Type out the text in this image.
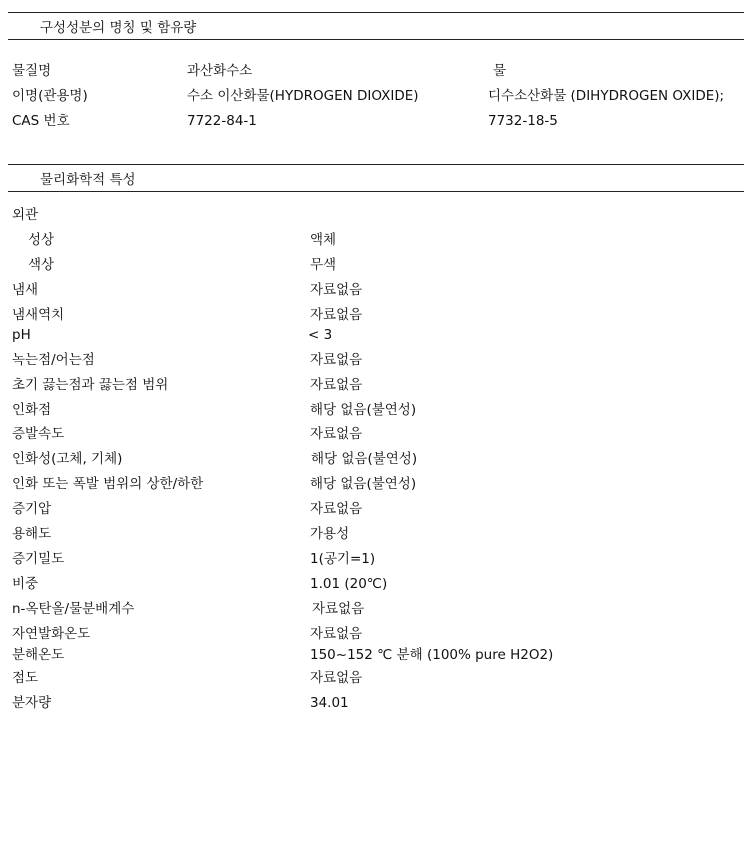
구성성분의 명칭 및 함유량
물질명	과산화수소	물
이명(관용명)	수소 이산화물(HYDROGEN DIOXIDE)	디수소산화물 (DIHYDROGEN OXIDE);
CAS 번호	7722-84-1	7732-18-5
물리화학적 특성
외관
성상	액체
색상	무색
냄새	자료없음
냄새역치	자료없음
pH	< 3
녹는점/어는점	자료없음
초기 끓는점과 끓는점 범위	자료없음
인화점	해당 없음(불연성)
증발속도	자료없음
인화성(고체, 기체)	해당 없음(불연성)
인화 또는 폭발 범위의 상한/하한	해당 없음(불연성)
증기압	자료없음
용해도	가용성
증기밀도	1(공기=1)
비중	1.01 (20℃)
n-옥탄올/물분배계수	자료없음
자연발화온도	자료없음
분해온도	150~152 ℃ 분해 (100% pure H2O2)
점도	자료없음
분자량	34.01
